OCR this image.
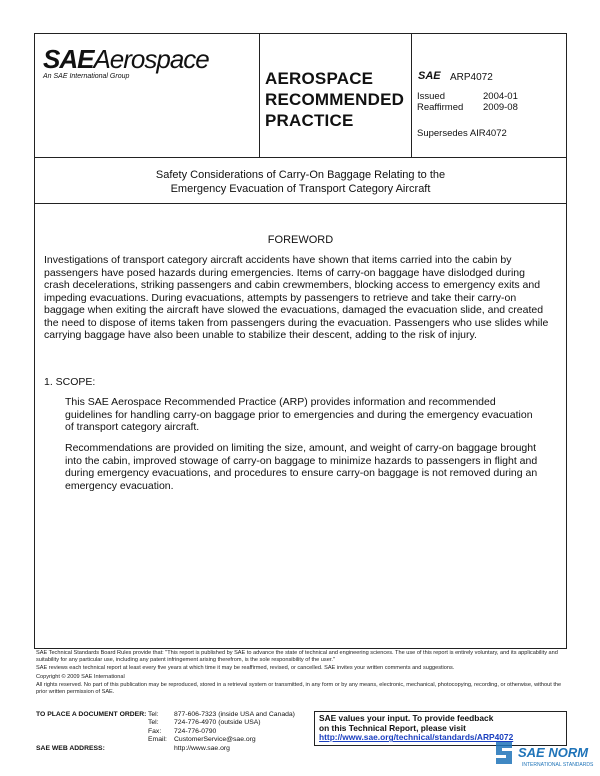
SAEAerospace
An SAE International Group	AEROSPACE
RECOMMENDED
PRACTICE
SAE ARP4072
Issued	2004-01
Reaffirmed	2009-08
Supersedes AIR4072
Safety Considerations of Carry-On Baggage Relating to the
Emergency Evacuation of Transport Category Aircraft
FOREWORD
Investigations of transport category aircraft accidents have shown that items carried into the cabin by passengers have posed hazards during emergencies. Items of carry-on baggage have dislodged during crash decelerations, striking passengers and cabin crewmembers, blocking access to emergency exits and impeding evacuations. During evacuations, attempts by passengers to retrieve and take their carry-on baggage when exiting the aircraft have slowed the evacuations, damaged the evacuation slide, and created the need to dispose of items taken from passengers during the evacuation. Passengers who use slides while carrying baggage have also been unable to stabilize their descent, adding to the risk of injury.
1. SCOPE:
This SAE Aerospace Recommended Practice (ARP) provides information and recommended guidelines for handling carry-on baggage prior to emergencies and during the emergency evacuation of transport category aircraft.
Recommendations are provided on limiting the size, amount, and weight of carry-on baggage brought into the cabin, improved stowage of carry-on baggage to minimize hazards to passengers in flight and during emergency evacuations, and procedures to ensure carry-on baggage is not removed during an emergency evacuation.

SAE Technical Standards Board Rules provide that: "This report is published by SAE to advance the state of technical and engineering sciences. The use of this report is entirely voluntary, and its applicability and suitability for any particular use, including any patent infringement arising therefrom, is the sole responsibility of the user."

SAE reviews each technical report at least every five years at which time it may be reaffirmed, revised, or cancelled. SAE invites your written comments and suggestions.

Copyright © 2009 SAE International

All rights reserved. No part of this publication may be reproduced, stored in a retrieval system or transmitted, in any form or by any means, electronic, mechanical, photocopying, recording, or otherwise, without the prior written permission of SAE.

TO PLACE A DOCUMENT ORDER: Tel: 877-606-7323 (inside USA and Canada)
Tel: 724-776-4970 (outside USA)
Fax: 724-776-0790
Email: CustomerService@sae.org
SAE WEB ADDRESS:	http://www.sae.org
SAE values your input. To provide feedback
on this Technical Report, please visit
http://www.sae.org/technical/standards/ARP4072
SAE NORM
INTERNATIONAL STANDARDS
